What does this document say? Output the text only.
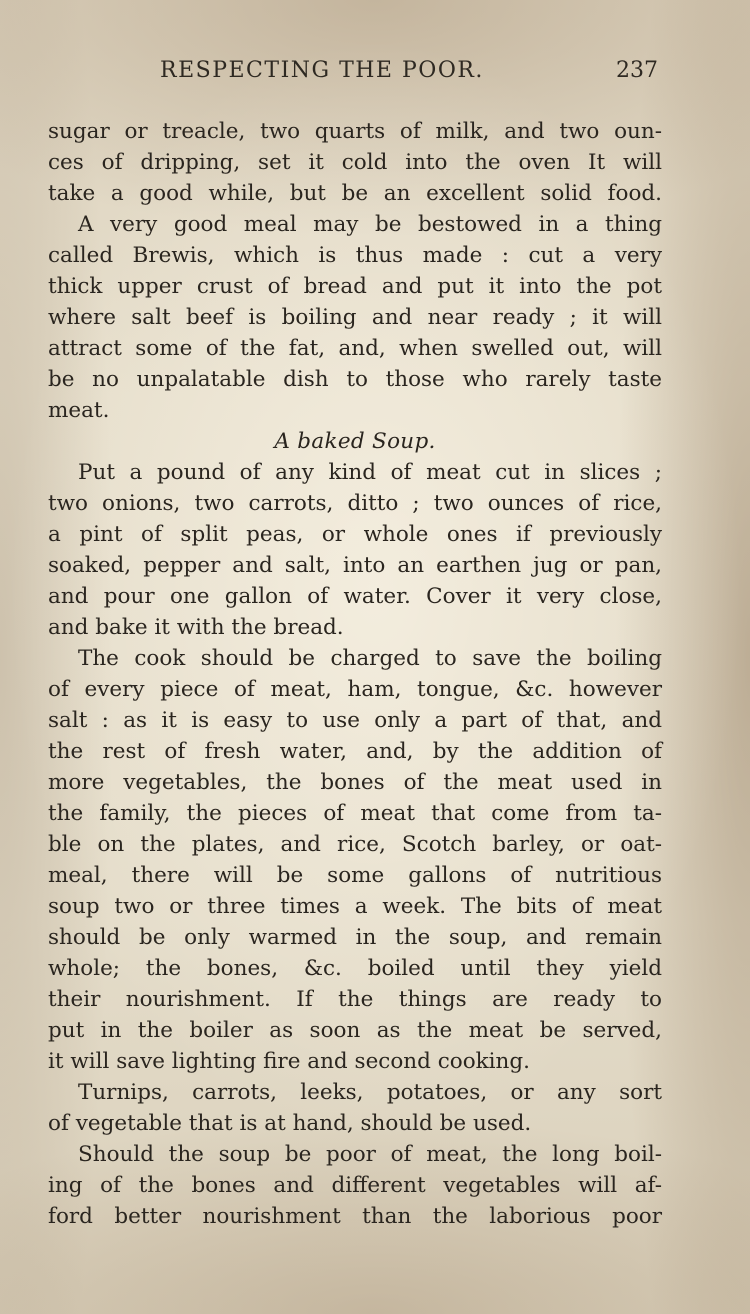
RESPECTING THE POOR.	237
sugar or treacle, two quarts of milk, and two oun-
ces of dripping, set it cold into the oven It will
take a good while, but be an excellent solid food.
A very good meal may be bestowed in a thing
called Brewis, which is thus made : cut a very
thick upper crust of bread and put it into the pot
where salt beef is boiling and near ready ; it will
attract some of the fat, and, when swelled out, will
be no unpalatable dish to those who rarely taste
meat.
A baked Soup.
Put a pound of any kind of meat cut in slices ;
two onions, two carrots, ditto ; two ounces of rice,
a pint of split peas, or whole ones if previously
soaked, pepper and salt, into an earthen jug or pan,
and pour one gallon of water. Cover it very close,
and bake it with the bread.
The cook should be charged to save the boiling
of every piece of meat, ham, tongue, &c. however
salt : as it is easy to use only a part of that, and
the rest of fresh water, and, by the addition of
more vegetables, the bones of the meat used in
the family, the pieces of meat that come from ta-
ble on the plates, and rice, Scotch barley, or oat-
meal, there will be some gallons of nutritious
soup two or three times a week. The bits of meat
should be only warmed in the soup, and remain
whole; the bones, &c. boiled until they yield
their nourishment. If the things are ready to
put in the boiler as soon as the meat be served,
it will save lighting fire and second cooking.
Turnips, carrots, leeks, potatoes, or any sort
of vegetable that is at hand, should be used.
Should the soup be poor of meat, the long boil-
ing of the bones and different vegetables will af-
ford better nourishment than the laborious poor
